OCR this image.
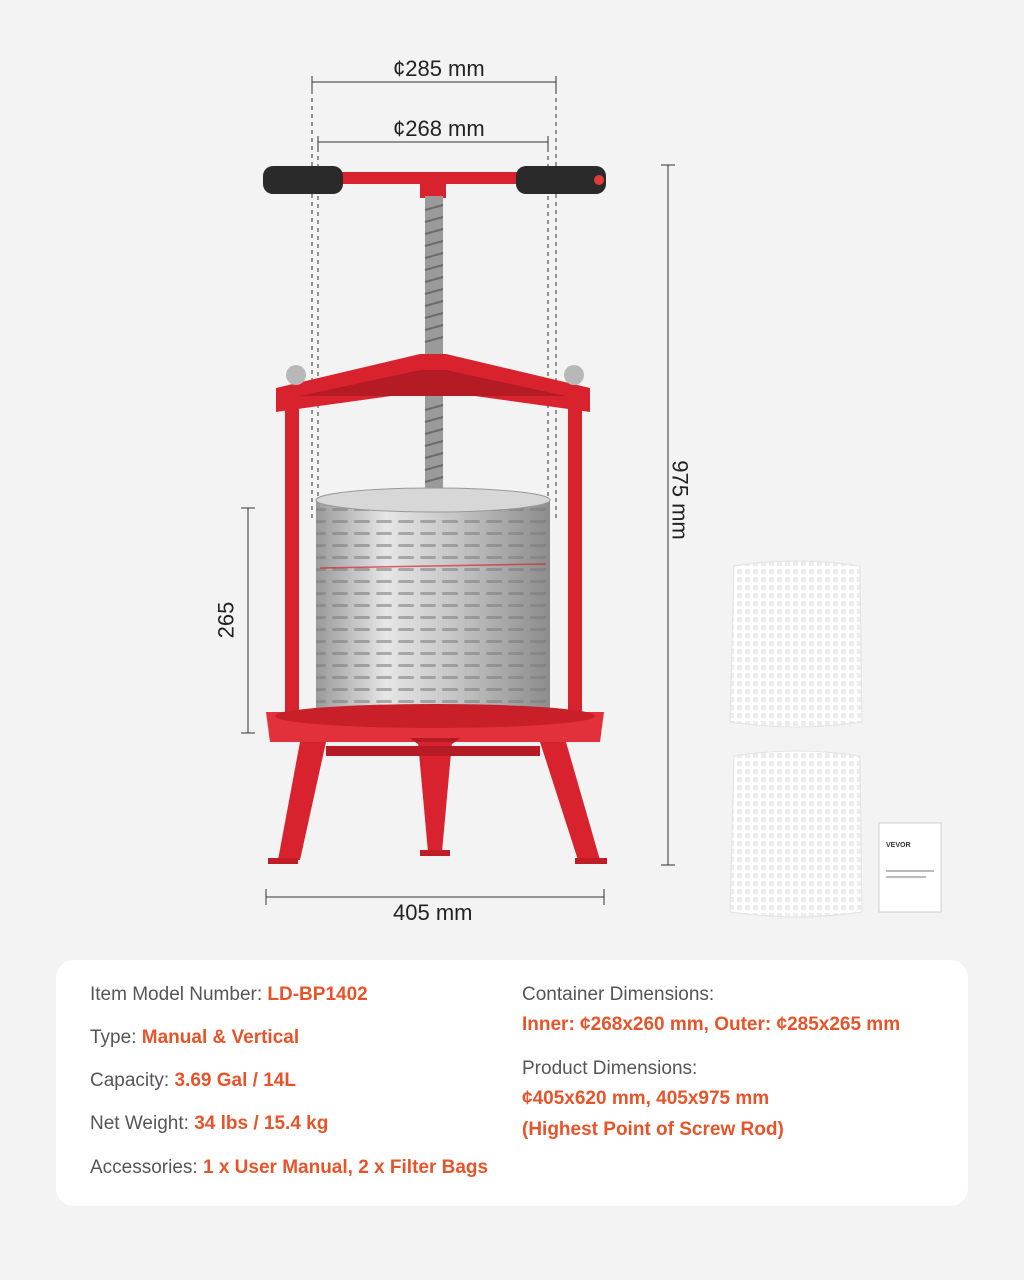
VEVOR
¢285 mm
¢268 mm
975 mm
265
405 mm
Item Model Number: LD-BP1402
Type: Manual & Vertical
Capacity: 3.69 Gal / 14L
Net Weight: 34 lbs / 15.4 kg
Accessories: 1 x User Manual, 2 x Filter Bags
Container Dimensions:
Inner: ¢268x260 mm, Outer: ¢285x265 mm
Product Dimensions:
¢405x620 mm, 405x975 mm
(Highest Point of Screw Rod)
